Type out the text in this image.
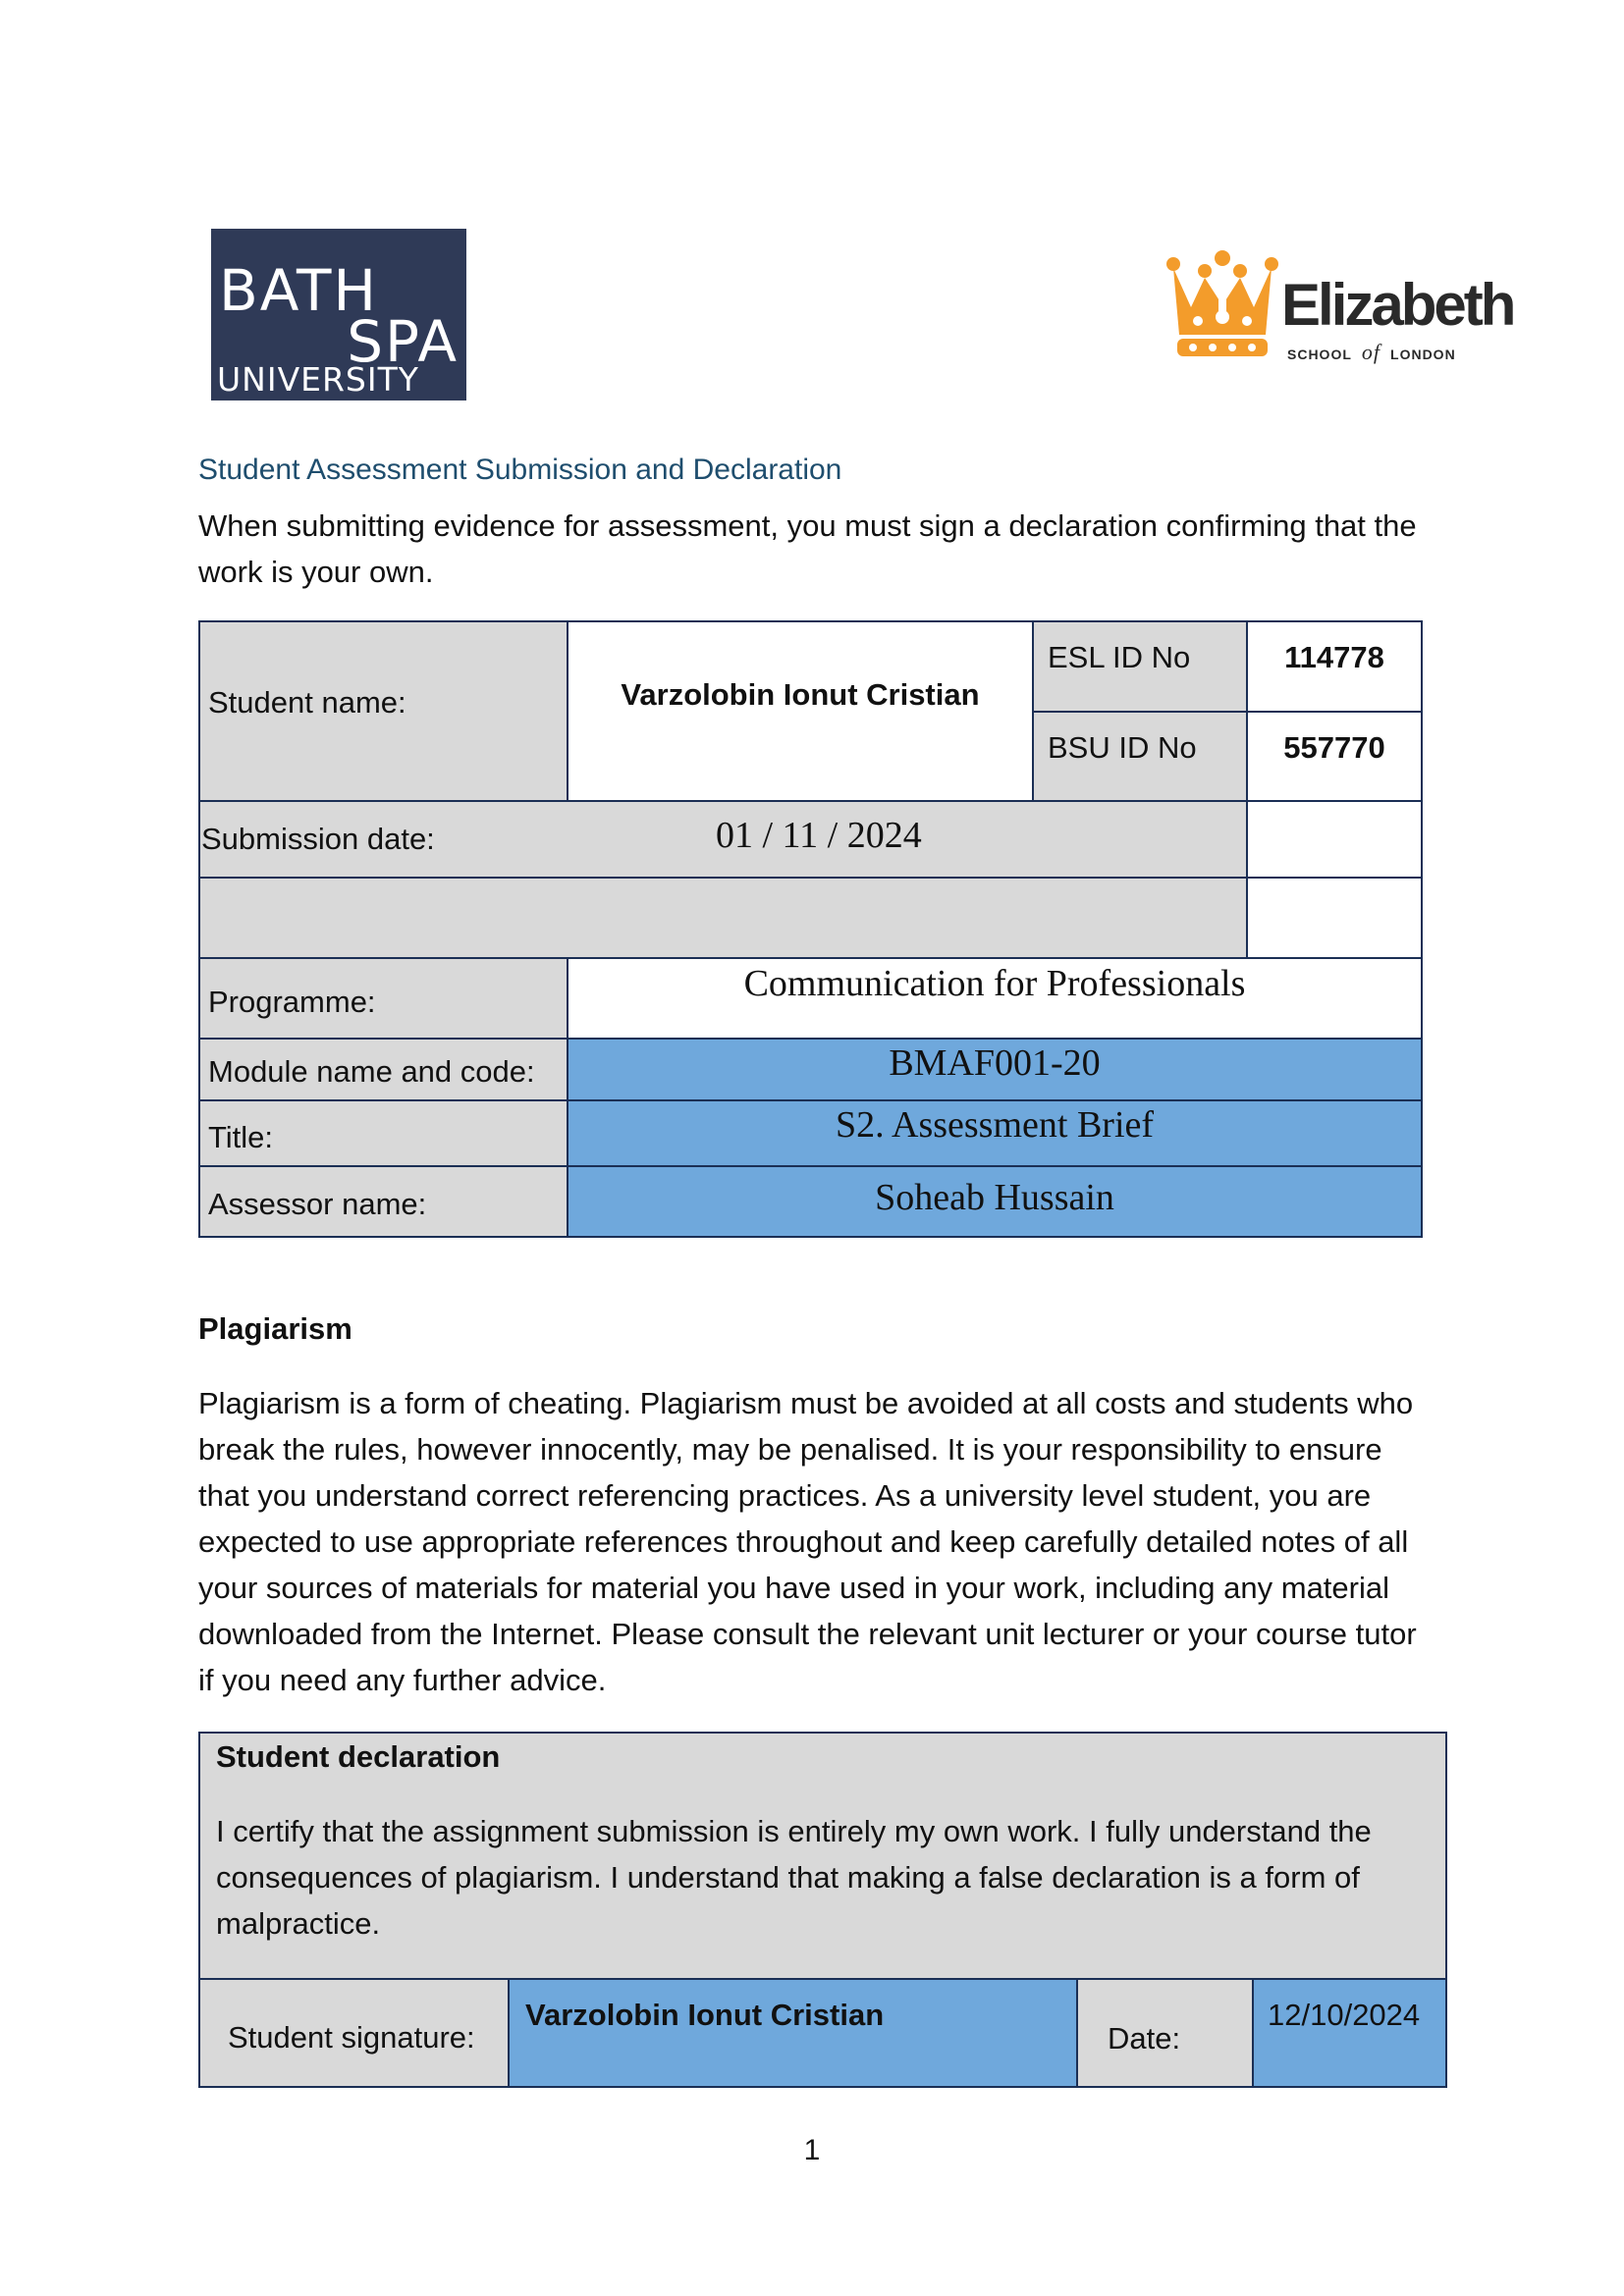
BATH
SPA
UNIVERSITY
Elizabeth
SCHOOL of LONDON
Student Assessment Submission and Declaration
When submitting evidence for assessment, you must sign a declaration confirming that the work is your own.
Student name:	Varzolobin Ionut Cristian
ESL ID No	114778
BSU ID No	557770
Submission date:	01 / 11 / 2024
Programme:	Communication for Professionals
Module name and code:	BMAF001-20
Title:	S2. Assessment Brief
Assessor name:	Soheab Hussain
Plagiarism
Plagiarism is a form of cheating. Plagiarism must be avoided at all costs and students who break the rules, however innocently, may be penalised. It is your responsibility to ensure that you understand correct referencing practices. As a university level student, you are expected to use appropriate references throughout and keep carefully detailed notes of all your sources of materials for material you have used in your work, including any material downloaded from the Internet. Please consult the relevant unit lecturer or your course tutor if you need any further advice.
Student declaration
I certify that the assignment submission is entirely my own work. I fully understand the consequences of plagiarism. I understand that making a false declaration is a form of malpractice.
Student signature:
Varzolobin Ionut Cristian
Date:
12/10/2024
1
